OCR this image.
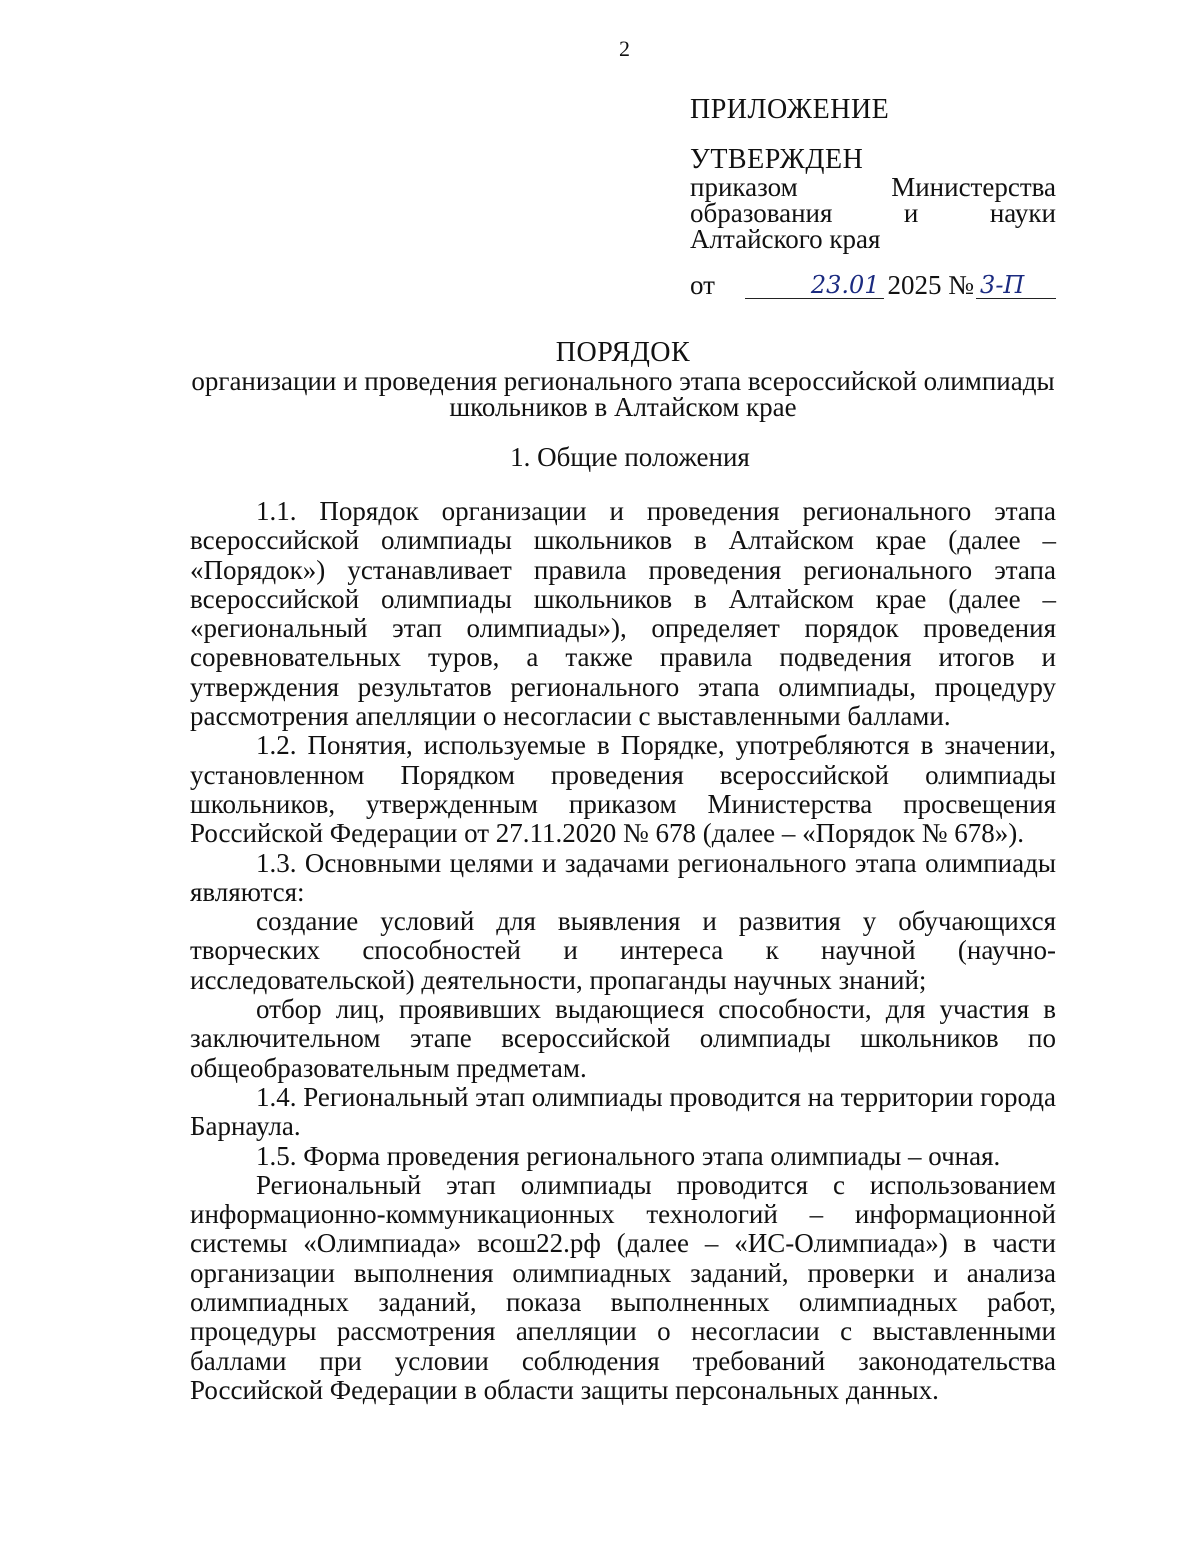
2
ПРИЛОЖЕНИЕ
УТВЕРЖДЕН
приказом Министерства образования и науки Алтайского края
от	23.01 2025 № 3-П
ПОРЯДОК
организации и проведения регионального этапа всероссийской олимпиады
школьников в Алтайском крае
1. Общие положения

1.1. Порядок организации и проведения регионального этапа всероссийской олимпиады школьников в Алтайском крае (далее – «Порядок») устанавливает правила проведения регионального этапа всероссийской олимпиады школьников в Алтайском крае (далее – «региональный этап олимпиады»), определяет порядок проведения соревновательных туров, а также правила подведения итогов и утверждения результатов регионального этапа олимпиады, процедуру рассмотрения апелляции о несогласии с выставленными баллами.

1.2. Понятия, используемые в Порядке, употребляются в значении, установленном Порядком проведения всероссийской олимпиады школьников, утвержденным приказом Министерства просвещения Российской Федерации от 27.11.2020 № 678 (далее – «Порядок № 678»).

1.3. Основными целями и задачами регионального этапа олимпиады являются:

создание условий для выявления и развития у обучающихся творческих способностей и интереса к научной (научно-исследовательской) деятельности, пропаганды научных знаний;

отбор лиц, проявивших выдающиеся способности, для участия в заключительном этапе всероссийской олимпиады школьников по общеобразовательным предметам.

1.4. Региональный этап олимпиады проводится на территории города Барнаула.

1.5. Форма проведения регионального этапа олимпиады – очная.

Региональный этап олимпиады проводится с использованием информационно-коммуникационных технологий – информационной системы «Олимпиада» всош22.рф (далее – «ИС-Олимпиада») в части организации выполнения олимпиадных заданий, проверки и анализа олимпиадных заданий, показа выполненных олимпиадных работ, процедуры рассмотрения апелляции о несогласии с выставленными баллами при условии соблюдения требований законодательства Российской Федерации в области защиты персональных данных.
